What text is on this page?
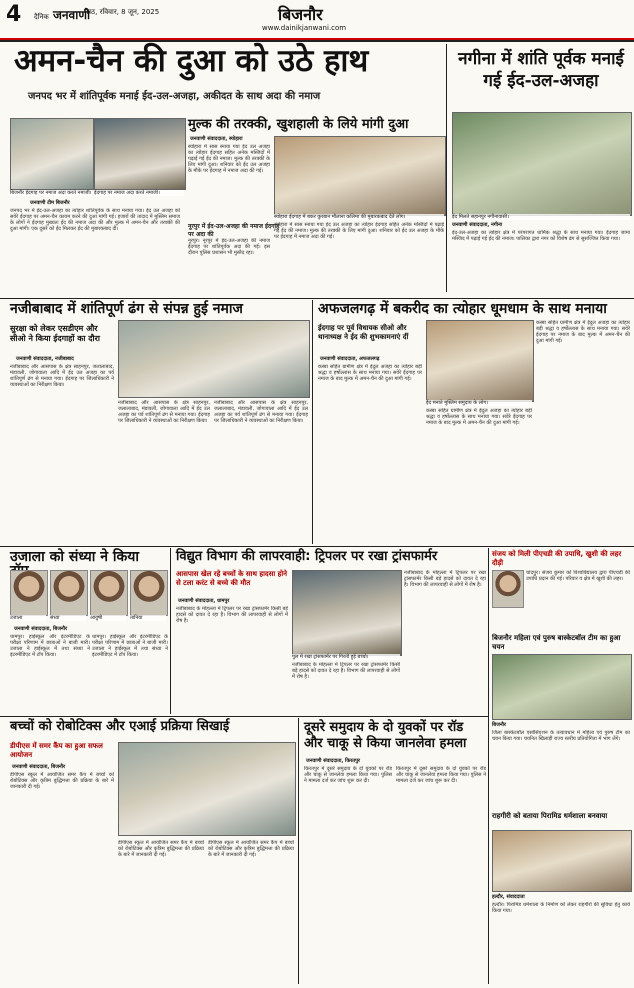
4 दैनिक जनवाणी
मेरठ, रविवार, 8 जून, 2025	बिजनौर
www.dainikjanwani.com
अमन-चैन की दुआ को उठे हाथ
जनपद भर में शांतिपूर्वक मनाई ईद-उल-अजहा, अकीदत के साथ अदा की नमाज
नगीना में शांति पूर्वक मनाई गई ईद-उल-अजहा
बिजनौर ईदगाह पर नमाज अदा करते नमाजी। ईदगाह पर नमाज अदा करते नमाजी।
जनवाणी टीम बिजनौर
जनपद भर में ईद-उल-अजहा का त्योहार शांतिपूर्वक के साथ मनाया गया। ईद उल अजहा को सवेरे ईदगाह पर अमन-चैन कायम करने की दुआ मांगी गई। हजारों की तादाद में मुस्लिम समाज के लोगों ने ईदगाह मुख्यतः ईद की नमाज अदा की और मुल्क में अमन-चैन और तरक्की की दुआ मांगी। एक दूसरे को ईद मिलकर ईद की मुबारकबाद दी।
मुल्क की तरक्की, खुशहाली के लिये मांगी दुआ
जनवाणी संवाददाता, स्योहारा
स्योहारा में सास स्नाया गया ईद उल अजहा का त्योहार ईदगाह सहित अनेक मस्जिदों में पढ़ाई गई ईद की नमाज। मुल्क की तरक्की के लिए मांगी दुआ। शनिवार को ईद उल अजहा के मौके पर ईदगाह में नमाज अदा की गई।
स्योहारा ईदगाह में बकर कुरबान मौलाना कलिमा की मुबारकबाद देते लोग।
नूरपुर में ईद-उल-अजहा की नमाज ईदगाह पर अदा की
नूरपुर। नूरपुर में ईद-उल-अजहा की नमाज ईदगाह पर शांतिपूर्वक अदा की गई। इस दौरान पुलिस प्रशासन भी मुस्तैद रहा।
स्योहारा में सास स्नाया गया ईद उल अजहा का त्योहार ईदगाह सहित अनेक मस्जिदों में पढ़ाई गई ईद की नमाज। मुल्क की तरक्की के लिए मांगी दुआ। शनिवार को ईद उल अजहा के मौके पर ईदगाह में नमाज अदा की गई।
ईद मिलते सहानपुर नगीनावासी।
जनवाणी संवाददाता, नगीना
ईद-उल-अजहा का त्योहार क्षेत्र में परंपरागत धार्मिक श्रद्धा के साथ मनाया गया। ईदगाह जामा मस्जिद में पढ़ाई गई ईद की नमाज। पालिका द्वारा नगर को विशेष ढंग से सुसज्जित किया गया।
नजीबाबाद में शांतिपूर्ण ढंग से संपन्न हुई नमाज
सुरक्षा को लेकर एसडीएम और सीओ ने किया ईदगाहों का दौरा
जनवाणी संवाददाता, नजीबाबाद
नजीबाबाद और आसपास के क्षेत्र साहनपुर, जलालाबाद, मंडावली, जोगावाला आदि में ईद उल अजहा का पर्व शांतिपूर्ण ढंग से मनाया गया। ईदगाह पर जिलाधिकारी ने व्यवस्थाओं का निरीक्षण किया।
नजीबाबाद और आसपास के क्षेत्र साहनपुर, जलालाबाद, मंडावली, जोगावाला आदि में ईद उल अजहा का पर्व शांतिपूर्ण ढंग से मनाया गया। ईदगाह पर जिलाधिकारी ने व्यवस्थाओं का निरीक्षण किया।
नजीबाबाद और आसपास के क्षेत्र साहनपुर, जलालाबाद, मंडावली, जोगावाला आदि में ईद उल अजहा का पर्व शांतिपूर्ण ढंग से मनाया गया। ईदगाह पर जिलाधिकारी ने व्यवस्थाओं का निरीक्षण किया।
अफजलगढ़ में बकरीद का त्योहार धूमधाम के साथ मनाया
ईदगाह पर पूर्व विधायक सीओ और थानाध्यक्ष ने ईद की शुभकामनाएं दीं
जनवाणी संवाददाता, अफजलगढ़
कस्बा सहित ग्रामीण क्षेत्र में ईदुल अजहा का त्योहार बड़ी श्रद्धा व हर्षोल्लास के साथ मनाया गया। सवेरे ईदगाह पर नमाज के बाद मुल्क में अमन-चैन की दुआ मांगी गई।
ईद मनाते मुस्लिम समुदाय के लोग।
कस्बा सहित ग्रामीण क्षेत्र में ईदुल अजहा का त्योहार बड़ी श्रद्धा व हर्षोल्लास के साथ मनाया गया। सवेरे ईदगाह पर नमाज के बाद मुल्क में अमन-चैन की दुआ मांगी गई।
कस्बा सहित ग्रामीण क्षेत्र में ईदुल अजहा का त्योहार बड़ी श्रद्धा व हर्षोल्लास के साथ मनाया गया। सवेरे ईदगाह पर नमाज के बाद मुल्क में अमन-चैन की दुआ मांगी गई।
उजाला को संध्या ने किया
उजाला	संध्या	आयुषी	तानिया
जनवाणी संवाददाता, बिजनौर
धामपुर। हाईस्कूल और इंटरमीडिएट के परीक्षा परिणाम में छात्राओं ने बाजी मारी। उजाला ने हाईस्कूल में तथा संध्या ने इंटरमीडिएट में टॉप किया।
धामपुर। हाईस्कूल और इंटरमीडिएट के परीक्षा परिणाम में छात्राओं ने बाजी मारी। उजाला ने हाईस्कूल में तथा संध्या ने इंटरमीडिएट में टॉप किया।
विद्युत विभाग की लापरवाही: ट्रिपलर पर रखा ट्रांसफार्मर
आसपास खेल रहे बच्चों के साथ हादसा होने से टला करंट से बच्चे की मौत
जनवाणी संवाददाता, धामपुर
नजीबाबाद के मोहल्ला में ट्रिपलर पर रखा ट्रांसफार्मर किसी बड़े हादसे को दावत दे रहा है। विभाग की लापरवाही से लोगों में रोष है।
पुल में रखा ट्रांसफार्मर पर गिरती हुई बच्चो।
नजीबाबाद के मोहल्ला में ट्रिपलर पर रखा ट्रांसफार्मर किसी बड़े हादसे को दावत दे रहा है। विभाग की लापरवाही से लोगों में रोष है।
नजीबाबाद के मोहल्ला में ट्रिपलर पर रखा ट्रांसफार्मर किसी बड़े हादसे को दावत दे रहा है। विभाग की लापरवाही से लोगों में रोष है।
संजय को मिली पीएचडी की उपाधि, खुशी की लहर दौड़ी
चांदपुर। संजय कुमार को विश्वविद्यालय द्वारा पीएचडी की उपाधि प्रदान की गई। परिवार व क्षेत्र में खुशी की लहर।
बिजनौर महिला एवं पुरुष बास्केटबॉल टीम का हुआ चयन
बिजनौर
जिला बास्केटबॉल एसोसिएशन के तत्वावधान में महिला एवं पुरुष टीम का चयन किया गया। चयनित खिलाड़ी राज्य स्तरीय प्रतियोगिता में भाग लेंगे।
राहगीरी को बताया पिरामिड धर्मशाला बनवाया
हल्दौर, संवाददाता
हल्दौर। पिरामिड धर्मशाला के निर्माण को लेकर राहगीरों की सुविधा हेतु कार्य किया गया।
बच्चों को रोबोटिक्स और एआई प्रक्रिया सिखाई
डीपीएस में समर कैंप का हुआ सफल आयोजन
जनवाणी संवाददाता, बिजनौर
डीपीएस स्कूल में आयोजित समर कैंप में बच्चों को रोबोटिक्स और कृत्रिम बुद्धिमत्ता की प्रक्रिया के बारे में जानकारी दी गई।
डीपीएस स्कूल में आयोजित समर कैंप में बच्चों को रोबोटिक्स और कृत्रिम बुद्धिमत्ता की प्रक्रिया के बारे में जानकारी दी गई।
डीपीएस स्कूल में आयोजित समर कैंप में बच्चों को रोबोटिक्स और कृत्रिम बुद्धिमत्ता की प्रक्रिया के बारे में जानकारी दी गई।
दूसरे समुदाय के दो युवकों पर रॉड और चाकू से किया जानलेवा हमला
जनवाणी संवाददाता, किरतपुर
किरतपुर में दूसरे समुदाय के दो युवकों पर रॉड और चाकू से जानलेवा हमला किया गया। पुलिस ने मामला दर्ज कर जांच शुरू कर दी।
किरतपुर में दूसरे समुदाय के दो युवकों पर रॉड और चाकू से जानलेवा हमला किया गया। पुलिस ने मामला दर्ज कर जांच शुरू कर दी।
